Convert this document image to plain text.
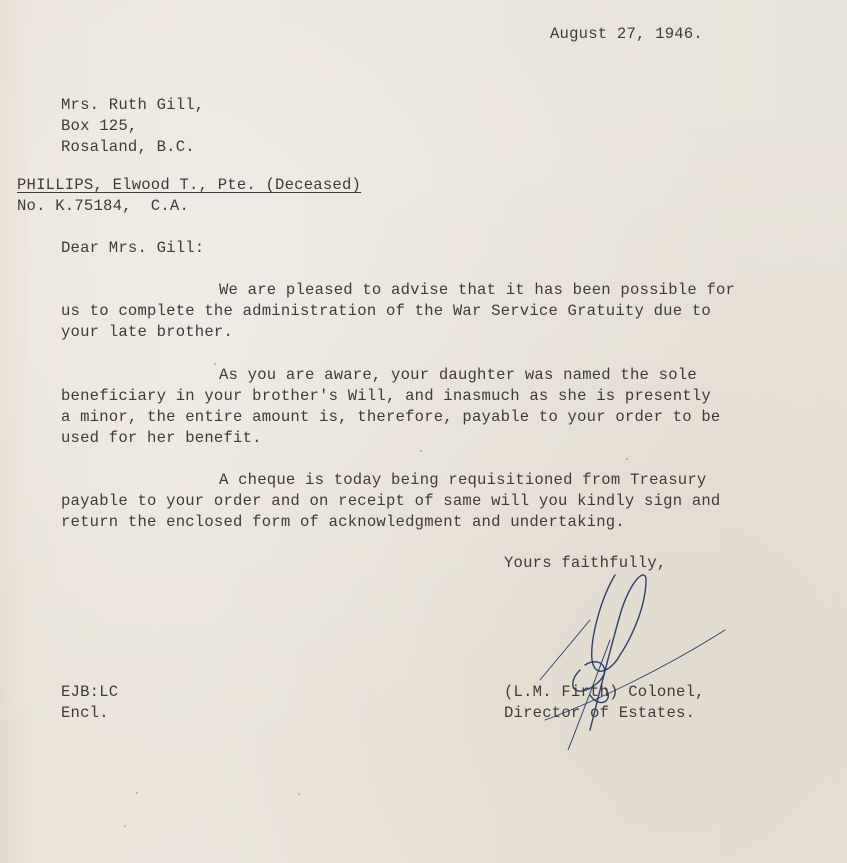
August 27, 1946.
Mrs. Ruth Gill,
Box 125,
Rosaland, B.C.
PHILLIPS, Elwood T., Pte. (Deceased)
No. K.75184,  C.A.
Dear Mrs. Gill:
We are pleased to advise that it has been possible for
us to complete the administration of the War Service Gratuity due to
your late brother.
As you are aware, your daughter was named the sole
beneficiary in your brother's Will, and inasmuch as she is presently
a minor, the entire amount is, therefore, payable to your order to be
used for her benefit.
A cheque is today being requisitioned from Treasury
payable to your order and on receipt of same will you kindly sign and
return the enclosed form of acknowledgment and undertaking.
Yours faithfully,
EJB:LC
Encl.
(L.M. Firth) Colonel,
Director of Estates.
